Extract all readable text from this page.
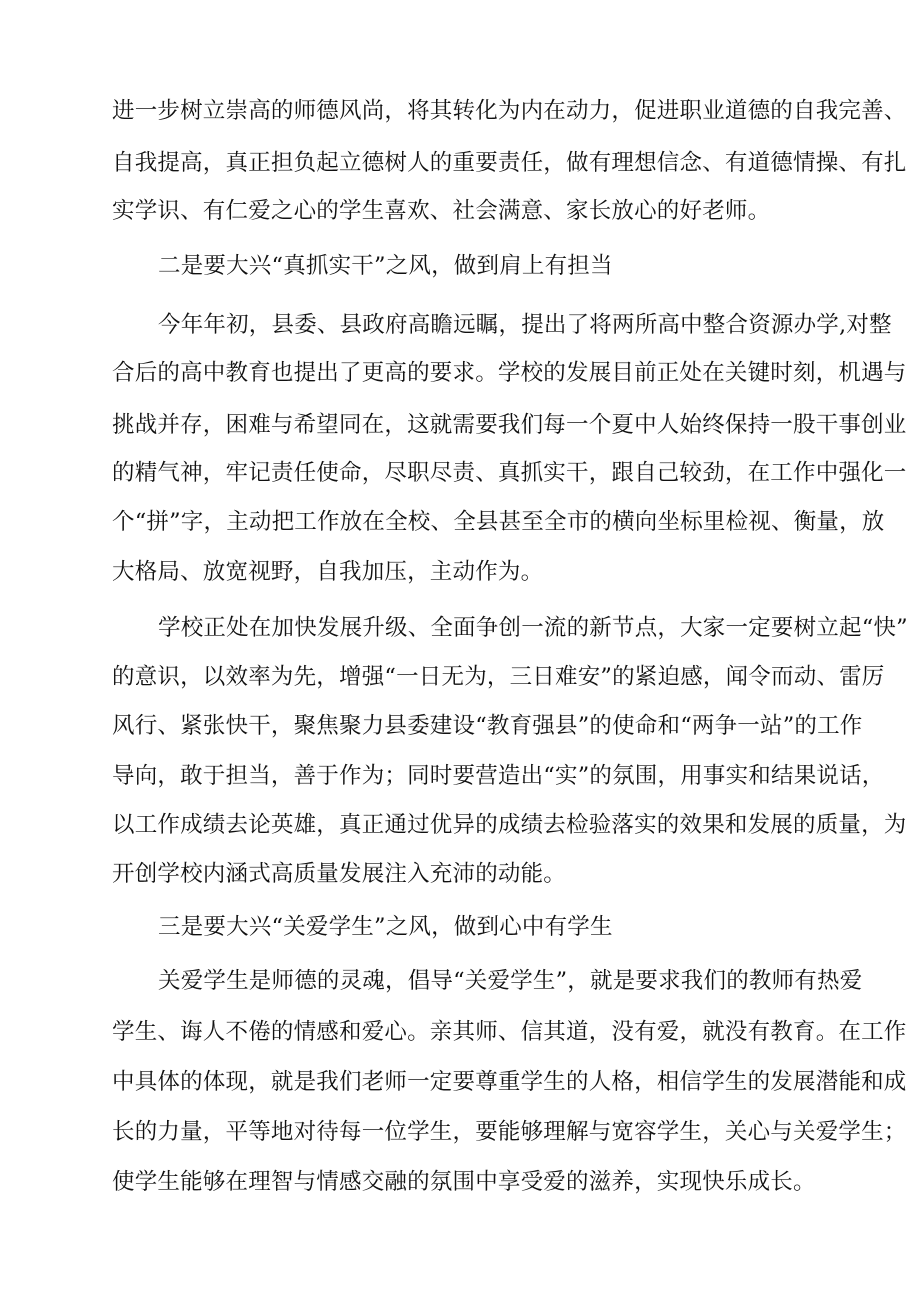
进一步树立崇高的师德风尚，将其转化为内在动力，促进职业道德的自我完善、
自我提高，真正担负起立德树人的重要责任，做有理想信念、有道德情操、有扎
实学识、有仁爱之心的学生喜欢、社会满意、家长放心的好老师。
二是要大兴“真抓实干”之风，做到肩上有担当
今年年初，县委、县政府高瞻远瞩，提出了将两所高中整合资源办学,对整
合后的高中教育也提出了更高的要求。学校的发展目前正处在关键时刻，机遇与
挑战并存，困难与希望同在，这就需要我们每一个夏中人始终保持一股干事创业
的精气神，牢记责任使命，尽职尽责、真抓实干，跟自己较劲，在工作中强化一
个“拼”字，主动把工作放在全校、全县甚至全市的横向坐标里检视、衡量，放
大格局、放宽视野，自我加压，主动作为。
学校正处在加快发展升级、全面争创一流的新节点，大家一定要树立起“快”
的意识，以效率为先，增强“一日无为，三日难安”的紧迫感，闻令而动、雷厉
风行、紧张快干，聚焦聚力县委建设“教育强县”的使命和“两争一站”的工作
导向，敢于担当，善于作为；同时要营造出“实”的氛围，用事实和结果说话，
以工作成绩去论英雄，真正通过优异的成绩去检验落实的效果和发展的质量，为
开创学校内涵式高质量发展注入充沛的动能。
三是要大兴“关爱学生”之风，做到心中有学生
关爱学生是师德的灵魂，倡导“关爱学生”，就是要求我们的教师有热爱
学生、诲人不倦的情感和爱心。亲其师、信其道，没有爱，就没有教育。在工作
中具体的体现，就是我们老师一定要尊重学生的人格，相信学生的发展潜能和成
长的力量，平等地对待每一位学生，要能够理解与宽容学生，关心与关爱学生；
使学生能够在理智与情感交融的氛围中享受爱的滋养，实现快乐成长。
